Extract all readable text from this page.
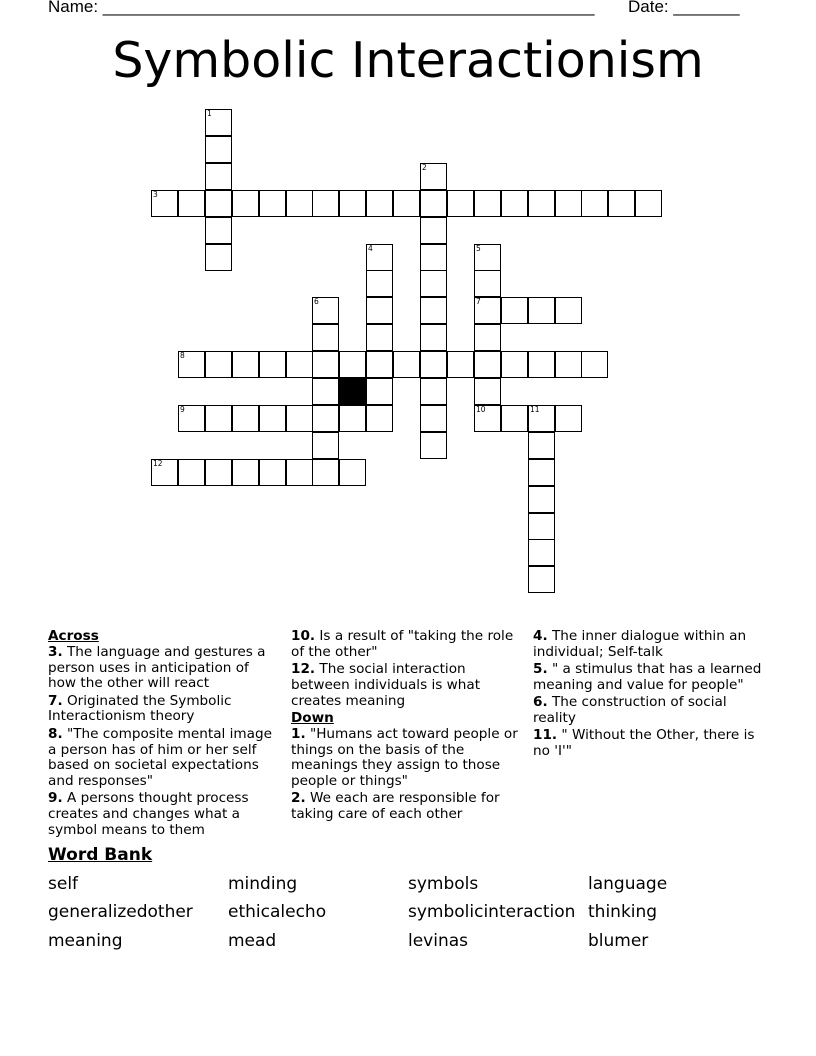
Name: ____________________________________________________ Date: _______
Symbolic Interactionism
1
2
3
4	5
7
10
6
8
9	11
12
Across
3. The language and gestures a person uses in anticipation of how the other will react
7. Originated the Symbolic Interactionism theory
8. "The composite mental image a person has of him or her self based on societal expectations and responses"
9. A persons thought process creates and changes what a symbol means to them
10. Is a result of "taking the role of the other"
12. The social interaction between individuals is what creates meaning
Down
1. "Humans act toward people or things on the basis of the meanings they assign to those people or things"
2. We each are responsible for taking care of each other
4. The inner dialogue within an individual; Self-talk
5. " a stimulus that has a learned meaning and value for people"
6. The construction of social reality
11. " Without the Other, there is no 'I'"
Word Bank
self	minding	symbols	language
generalizedother ethicalecho	symbolicinteraction thinking
meaning	mead	levinas	blumer
